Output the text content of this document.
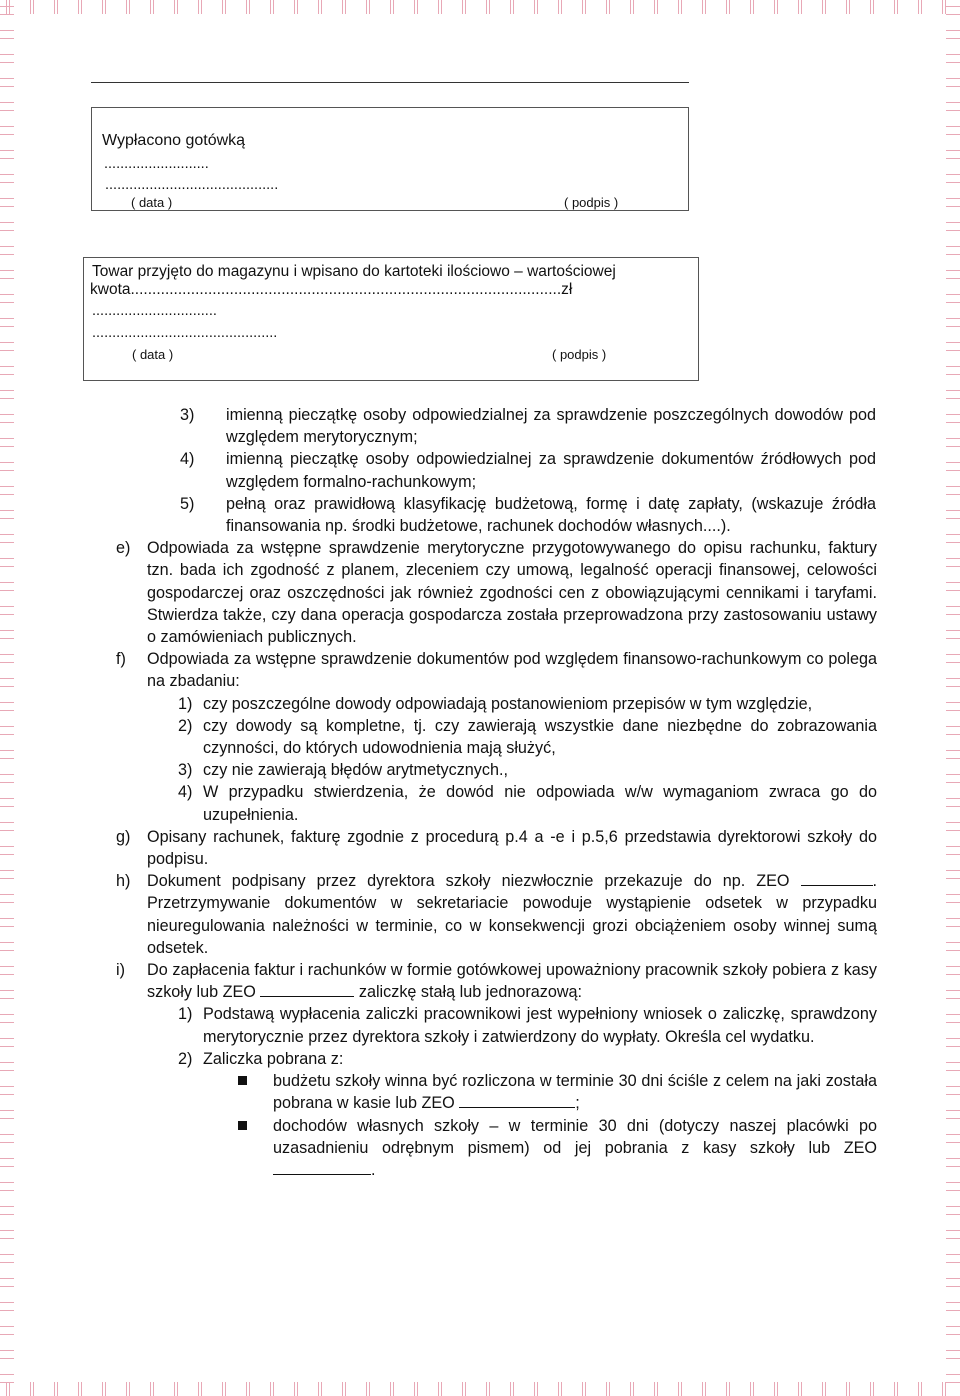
Wypłacono gotówką
..........................
...........................................
( data )	( podpis )
Towar przyjęto do magazynu i wpisano do kartoteki ilościowo – wartościowej
kwota....................................................................................................zł
...............................
..............................................
( data )	( podpis )
3) imienną pieczątkę osoby odpowiedzialnej za sprawdzenie poszczególnych dowodów pod względem merytorycznym;
4) imienną pieczątkę osoby odpowiedzialnej za sprawdzenie dokumentów źródłowych pod względem formalno-rachunkowym;
5) pełną oraz prawidłową klasyfikację budżetową, formę i datę zapłaty, (wskazuje źródła finansowania np. środki budżetowe, rachunek dochodów własnych....).
e) Odpowiada za wstępne sprawdzenie merytoryczne przygotowywanego do opisu rachunku, faktury tzn. bada ich zgodność z planem, zleceniem czy umową, legalność operacji finansowej, celowości gospodarczej oraz oszczędności jak również zgodności cen z obowiązującymi cennikami i taryfami. Stwierdza także, czy dana operacja gospodarcza została przeprowadzona przy zastosowaniu ustawy o zamówieniach publicznych.
f) Odpowiada za wstępne sprawdzenie dokumentów pod względem finansowo-rachunkowym co polega na zbadaniu:
1) czy poszczególne dowody odpowiadają postanowieniom przepisów w tym względzie,
2) czy dowody są kompletne, tj. czy zawierają wszystkie dane niezbędne do zobrazowania czynności, do których udowodnienia mają służyć,
3) czy nie zawierają błędów arytmetycznych.,
4) W przypadku stwierdzenia, że dowód nie odpowiada w/w wymaganiom zwraca go do uzupełnienia.
g) Opisany rachunek, fakturę zgodnie z procedurą p.4 a -e i p.5,6 przedstawia dyrektorowi szkoły do podpisu.
h) Dokument podpisany przez dyrektora szkoły niezwłocznie przekazuje do np. ZEO	. Przetrzymywanie dokumentów w sekretariacie powoduje wystąpienie odsetek w przypadku nieuregulowania należności w terminie, co w konsekwencji grozi obciążeniem osoby winnej sumą odsetek.
i) Do zapłacenia faktur i rachunków w formie gotówkowej upoważniony pracownik szkoły pobiera z kasy szkoły lub ZEO	zaliczkę stałą lub jednorazową:
1) Podstawą wypłacenia zaliczki pracownikowi jest wypełniony wniosek o zaliczkę, sprawdzony merytorycznie przez dyrektora szkoły i zatwierdzony do wypłaty. Określa cel wydatku.
2) Zaliczka pobrana z:
budżetu szkoły winna być rozliczona w terminie 30 dni ściśle z celem na jaki została pobrana w kasie lub ZEO	;
dochodów własnych szkoły – w terminie 30 dni (dotyczy naszej placówki po uzasadnieniu odrębnym pismem) od jej pobrania z kasy szkoły lub ZEO .
